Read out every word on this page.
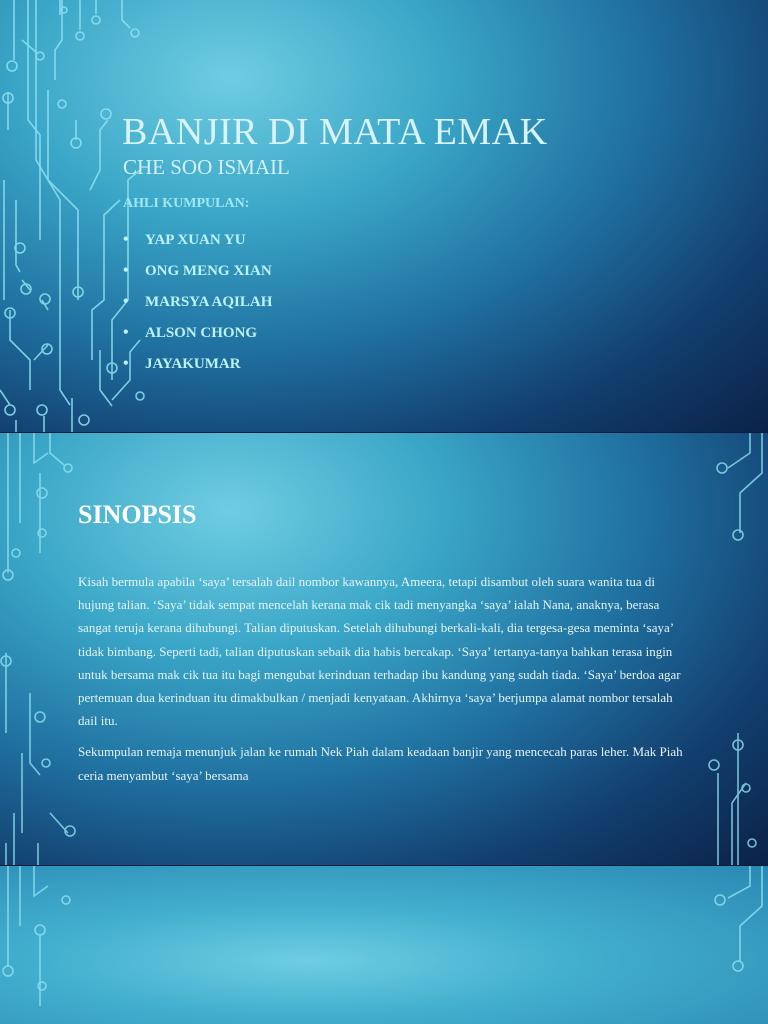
BANJIR DI MATA EMAK
CHE SOO ISMAIL
AHLI KUMPULAN:
•	YAP XUAN YU
•	ONG MENG XIAN
•	MARSYA AQILAH
•	ALSON CHONG
•	JAYAKUMAR
SINOPSIS

Kisah bermula apabila ‘saya’ tersalah dail nombor kawannya, Ameera, tetapi disambut oleh suara wanita tua di hujung talian. ‘Saya’ tidak sempat mencelah kerana mak cik tadi menyangka ‘saya’ ialah Nana, anaknya, berasa sangat teruja kerana dihubungi. Talian diputuskan. Setelah dihubungi berkali-kali, dia tergesa-gesa meminta ‘saya’ tidak bimbang. Seperti tadi, talian diputuskan sebaik dia habis bercakap. ‘Saya’ tertanya-tanya bahkan terasa ingin untuk bersama mak cik tua itu bagi mengubat kerinduan terhadap ibu kandung yang sudah tiada. ‘Saya’ berdoa agar pertemuan dua kerinduan itu dimakbulkan / menjadi kenyataan. Akhirnya ‘saya’ berjumpa alamat nombor tersalah dail itu.

Sekumpulan remaja menunjuk jalan ke rumah Nek Piah dalam keadaan banjir yang mencecah paras leher. Mak Piah ceria menyambut ‘saya’ bersama
